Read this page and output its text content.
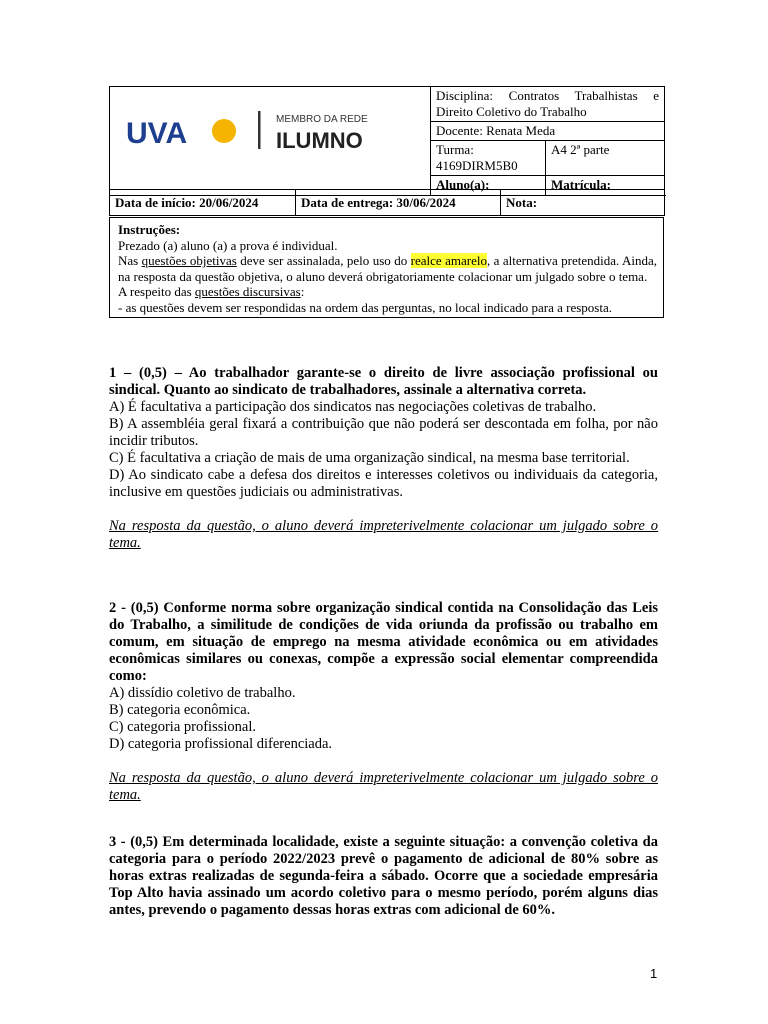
UVA MEMBRO DA REDE
ILUMNO	Disciplina: Contratos Trabalhistas e Direito Coletivo do Trabalho	
	Docente: Renata Meda	
	Turma: 4169DIRM5B0	A4 2ª parte
	Aluno(a):	Matrícula:
Data de início: 20/06/2024	Data de entrega: 30/06/2024	Nota:

Instruções:

Prezado (a) aluno (a) a prova é individual.

Nas questões objetivas deve ser assinalada, pelo uso do realce amarelo, a alternativa pretendida. Ainda, na resposta da questão objetiva, o aluno deverá obrigatoriamente colacionar um julgado sobre o tema.

A respeito das questões discursivas:

- as questões devem ser respondidas na ordem das perguntas, no local indicado para a resposta.

1 – (0,5) – Ao trabalhador garante-se o direito de livre associação profissional ou sindical. Quanto ao sindicato de trabalhadores, assinale a alternativa correta.

A) É facultativa a participação dos sindicatos nas negociações coletivas de trabalho.

B) A assembléia geral fixará a contribuição que não poderá ser descontada em folha, por não incidir tributos.

C) É facultativa a criação de mais de uma organização sindical, na mesma base territorial.

D) Ao sindicato cabe a defesa dos direitos e interesses coletivos ou individuais da categoria, inclusive em questões judiciais ou administrativas.

Na resposta da questão, o aluno deverá impreterivelmente colacionar um julgado sobre o tema.

2 - (0,5) Conforme norma sobre organização sindical contida na Consolidação das Leis do Trabalho, a similitude de condições de vida oriunda da profissão ou trabalho em comum, em situação de emprego na mesma atividade econômica ou em atividades econômicas similares ou conexas, compõe a expressão social elementar compreendida como:

A) dissídio coletivo de trabalho.

B) categoria econômica.

C) categoria profissional.

D) categoria profissional diferenciada.

Na resposta da questão, o aluno deverá impreterivelmente colacionar um julgado sobre o tema.

3 - (0,5) Em determinada localidade, existe a seguinte situação: a convenção coletiva da categoria para o período 2022/2023 prevê o pagamento de adicional de 80% sobre as horas extras realizadas de segunda-feira a sábado. Ocorre que a sociedade empresária Top Alto havia assinado um acordo coletivo para o mesmo período, porém alguns dias antes, prevendo o pagamento dessas horas extras com adicional de 60%.

1
